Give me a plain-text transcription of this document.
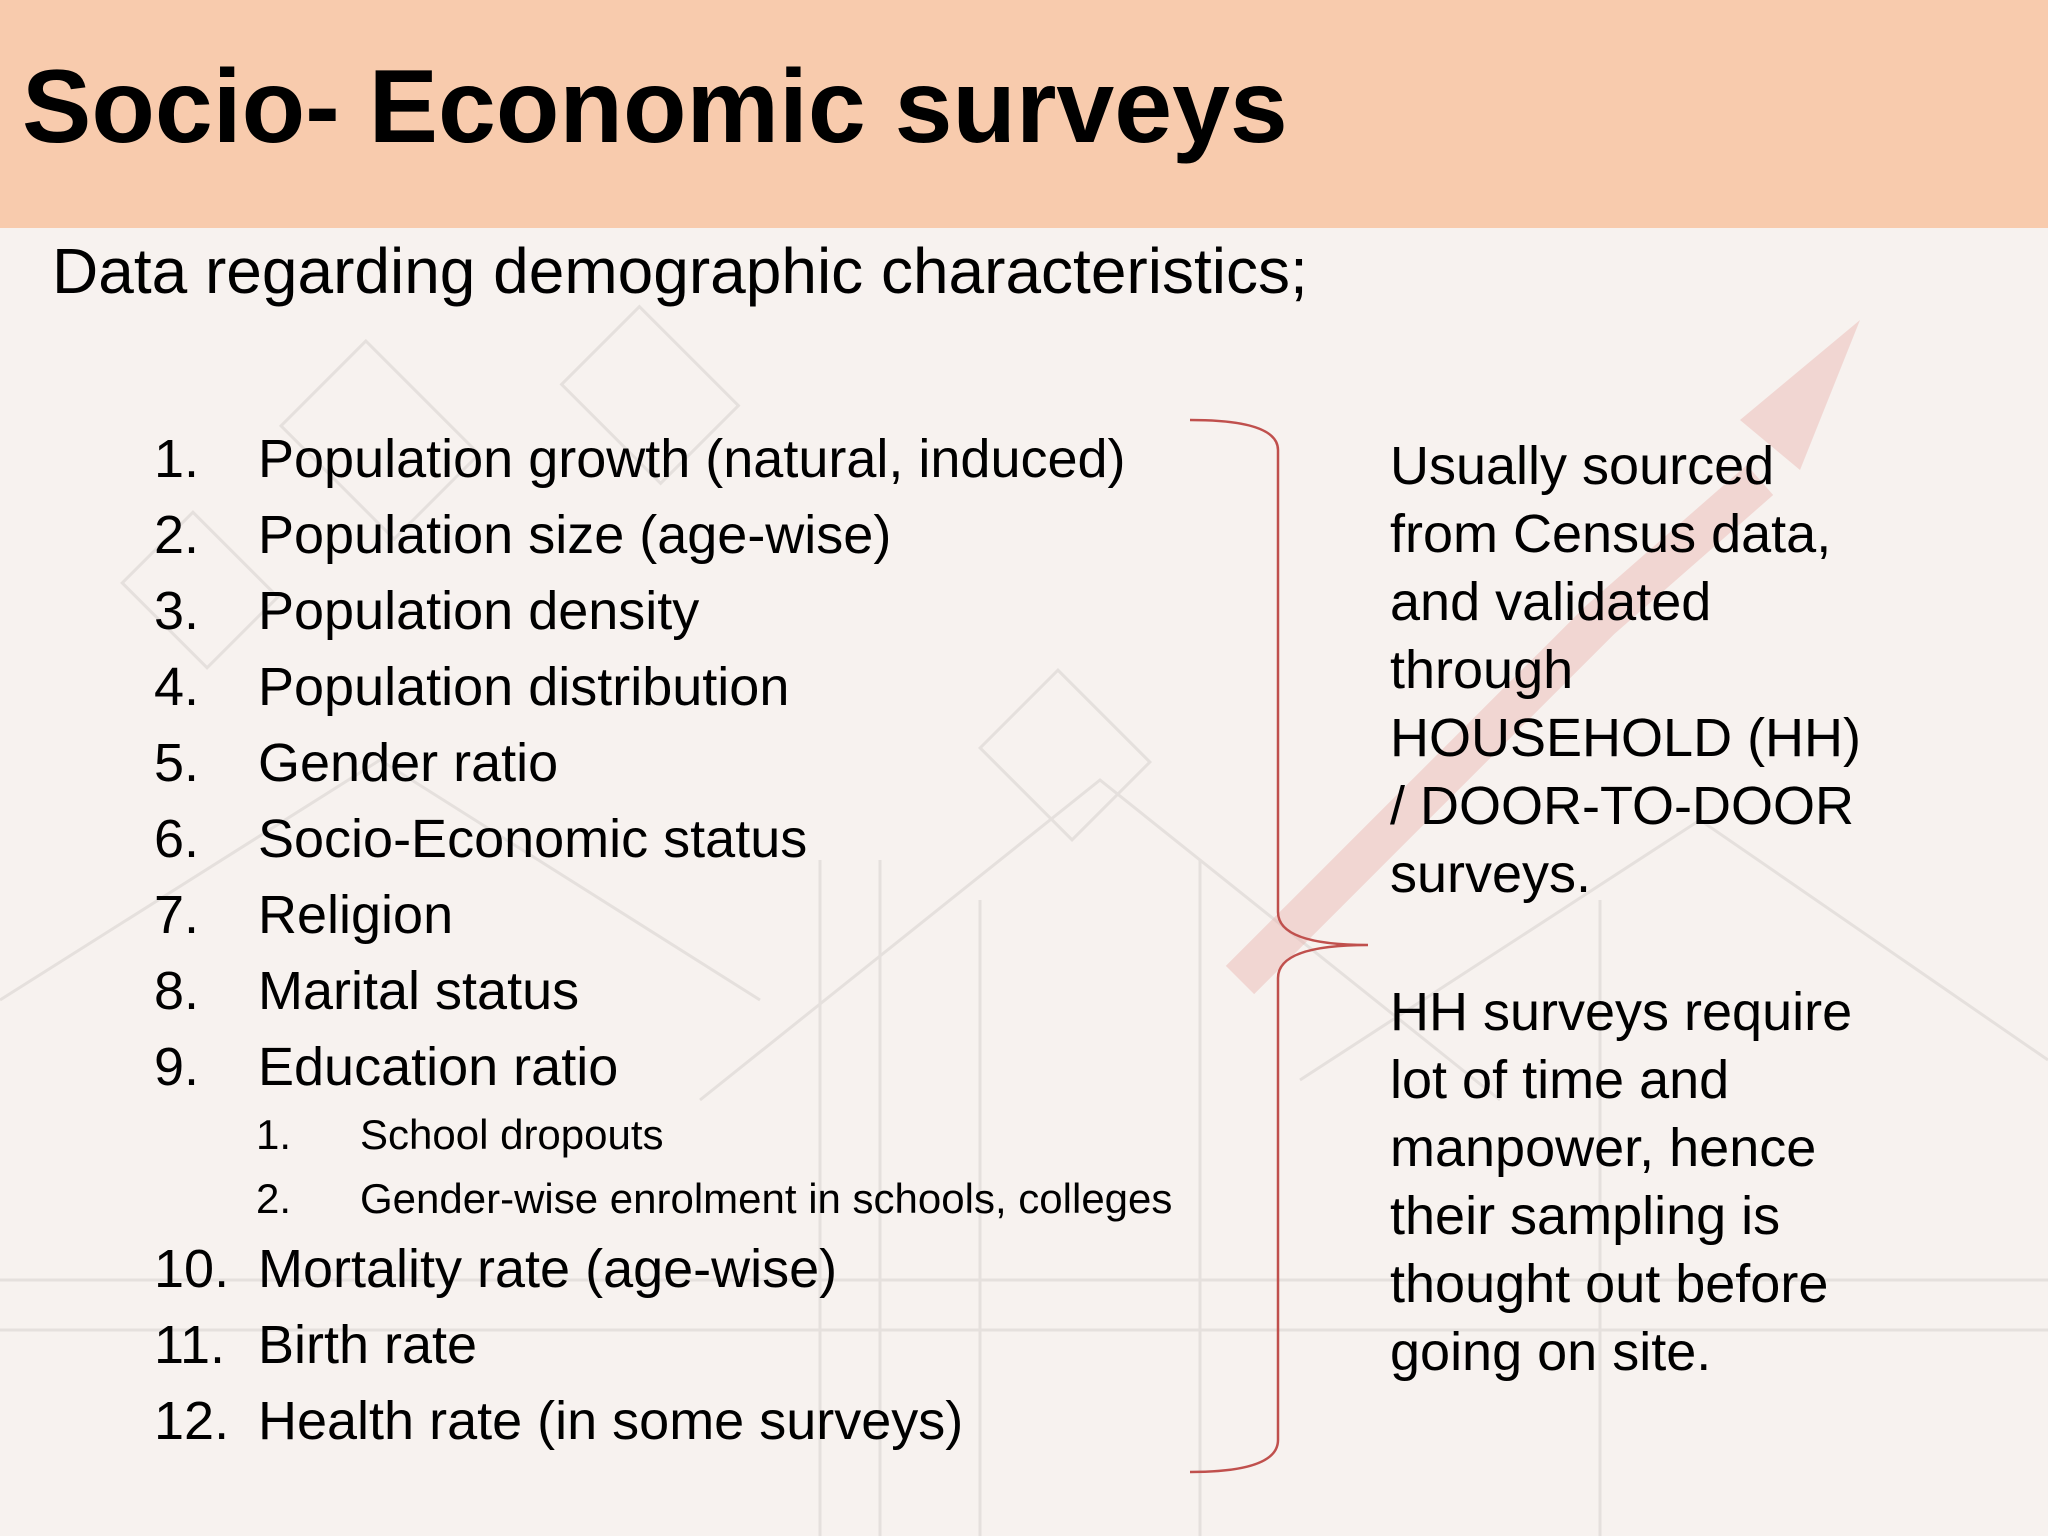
Socio- Economic surveys
Data regarding demographic characteristics;
1. Population growth (natural, induced)
2. Population size (age-wise)
3. Population density
4. Population distribution
5. Gender ratio
6. Socio-Economic status
7. Religion
8. Marital status
9. Education ratio
1. School dropouts
2. Gender-wise enrolment in schools, colleges
10. Mortality rate (age-wise)
11. Birth rate
12. Health rate (in some surveys)
Usually sourced
from Census data,
and validated
through
HOUSEHOLD (HH)
/ DOOR-TO-DOOR
surveys.
HH surveys require
lot of time and
manpower, hence
their sampling is
thought out before
going on site.
